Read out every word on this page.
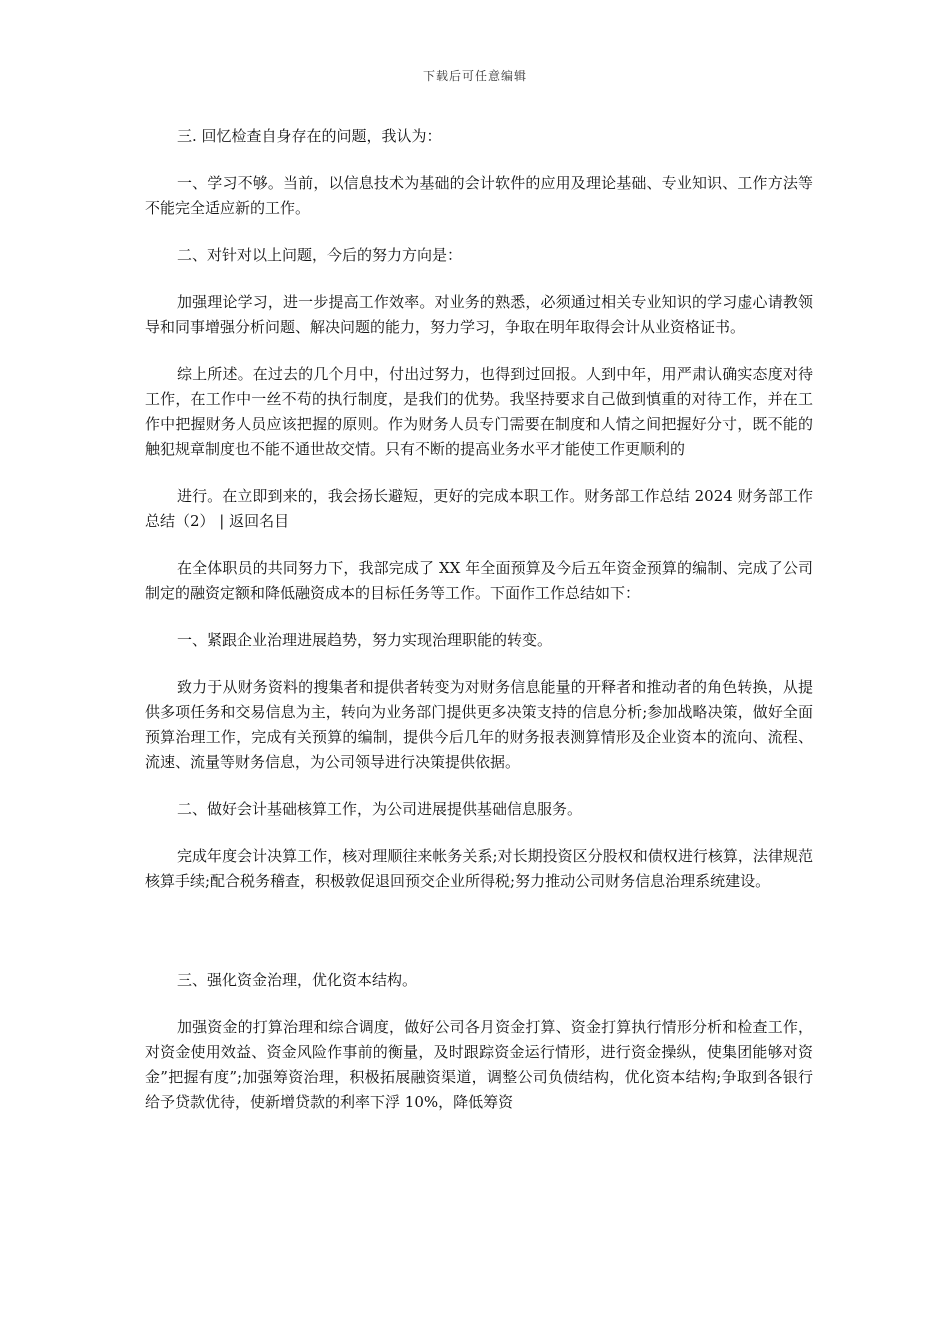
下载后可任意编辑

三. 回忆检查自身存在的问题，我认为：

一、学习不够。当前，以信息技术为基础的会计软件的应用及理论基础、专业知识、工作方法等不能完全适应新的工作。

二、对针对以上问题，今后的努力方向是：

加强理论学习，进一步提高工作效率。对业务的熟悉，必须通过相关专业知识的学习虚心请教领导和同事增强分析问题、解决问题的能力，努力学习，争取在明年取得会计从业资格证书。

综上所述。在过去的几个月中，付出过努力，也得到过回报。人到中年，用严肃认确实态度对待工作，在工作中一丝不苟的执行制度，是我们的优势。我坚持要求自己做到慎重的对待工作，并在工作中把握财务人员应该把握的原则。作为财务人员专门需要在制度和人情之间把握好分寸，既不能的触犯规章制度也不能不通世故交情。只有不断的提高业务水平才能使工作更顺利的

进行。在立即到来的，我会扬长避短，更好的完成本职工作。财务部工作总结 2024 财务部工作总结（2） | 返回名目

在全体职员的共同努力下，我部完成了 XX 年全面预算及今后五年资金预算的编制、完成了公司制定的融资定额和降低融资成本的目标任务等工作。下面作工作总结如下：

一、紧跟企业治理进展趋势，努力实现治理职能的转变。

致力于从财务资料的搜集者和提供者转变为对财务信息能量的开释者和推动者的角色转换，从提供多项任务和交易信息为主，转向为业务部门提供更多决策支持的信息分析;参加战略决策，做好全面预算治理工作，完成有关预算的编制，提供今后几年的财务报表测算情形及企业资本的流向、流程、流速、流量等财务信息，为公司领导进行决策提供依据。

二、做好会计基础核算工作，为公司进展提供基础信息服务。

完成年度会计决算工作，核对理顺往来帐务关系;对长期投资区分股权和债权进行核算，法律规范核算手续;配合税务稽查，积极敦促退回预交企业所得税;努力推动公司财务信息治理系统建设。

三、强化资金治理，优化资本结构。

加强资金的打算治理和综合调度，做好公司各月资金打算、资金打算执行情形分析和检查工作，对资金使用效益、资金风险作事前的衡量，及时跟踪资金运行情形，进行资金操纵，使集团能够对资金”把握有度”;加强筹资治理，积极拓展融资渠道，调整公司负债结构，优化资本结构;争取到各银行给予贷款优待，使新增贷款的利率下浮 10%，降低筹资
